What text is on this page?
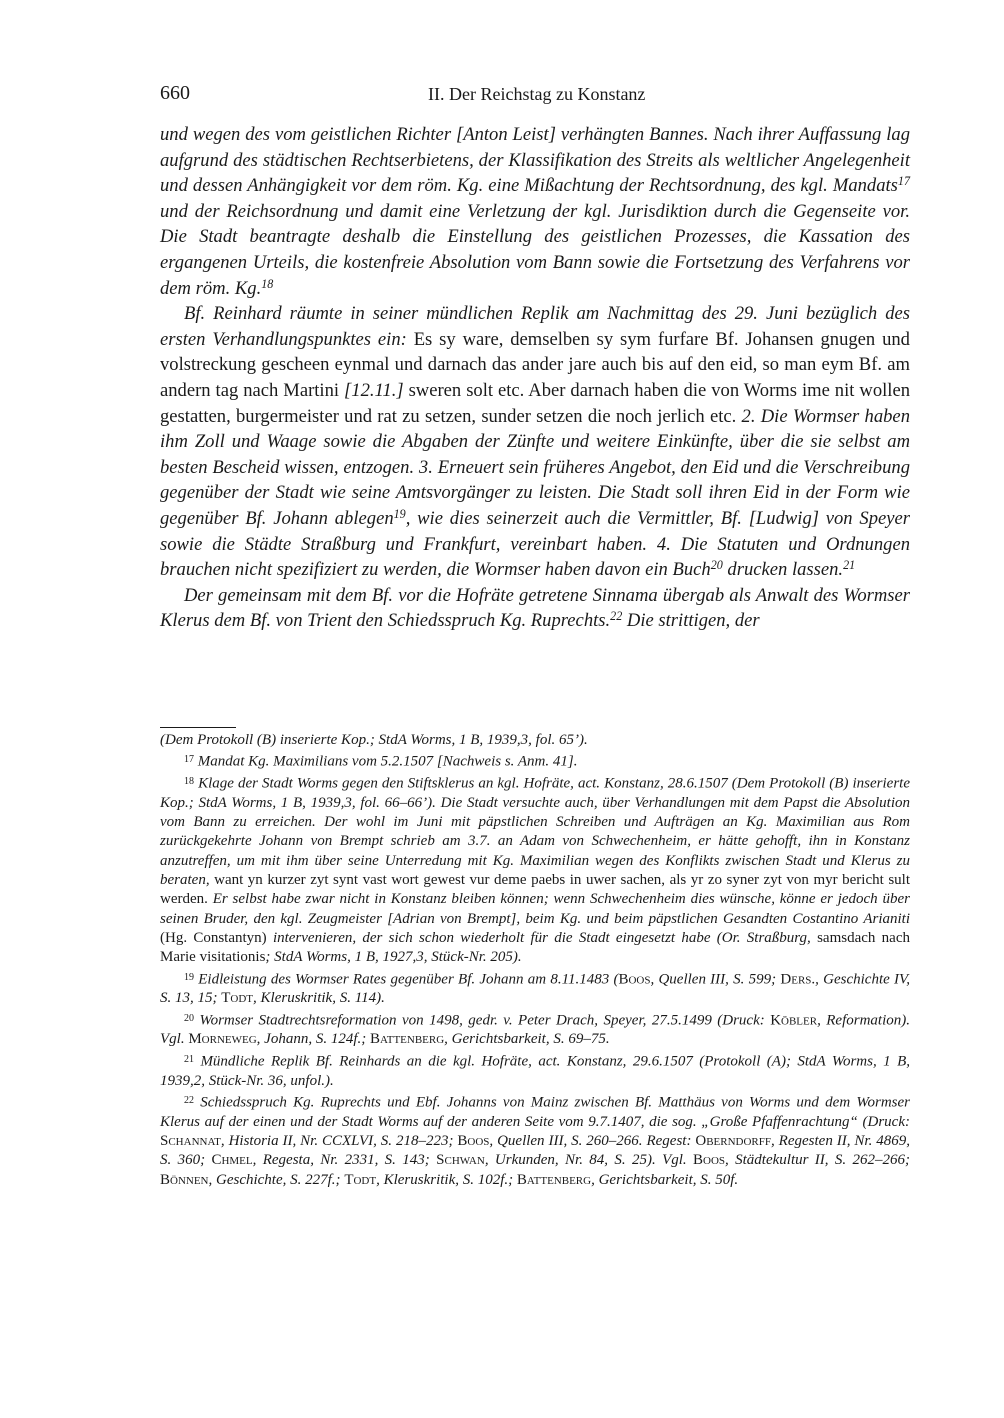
660	II. Der Reichstag zu Konstanz

und wegen des vom geistlichen Richter [Anton Leist] verhängten Bannes. Nach ihrer Auffassung lag aufgrund des städtischen Rechtserbietens, der Klassifikation des Streits als weltlicher Angelegenheit und dessen Anhängigkeit vor dem röm. Kg. eine Mißachtung der Rechtsordnung, des kgl. Mandats$^{17}$ und der Reichsordnung und damit eine Verletzung der kgl. Jurisdiktion durch die Gegenseite vor. Die Stadt beantragte deshalb die Einstellung des geistlichen Prozesses, die Kassation des ergangenen Urteils, die kostenfreie Absolution vom Bann sowie die Fortsetzung des Verfahrens vor dem röm. Kg.$^{18}$

Bf. Reinhard räumte in seiner mündlichen Replik am Nachmittag des 29. Juni bezüglich des ersten Verhandlungspunktes ein: Es sy ware, demselben sy sym furfare Bf. Johansen gnugen und volstreckung gescheen eynmal und darnach das ander jare auch bis auf den eid, so man eym Bf. am andern tag nach Martini [12.11.] sweren solt etc. Aber darnach haben die von Worms ime nit wollen gestatten, burgermeister und rat zu setzen, sunder setzen die noch jerlich etc. 2. Die Wormser haben ihm Zoll und Waage sowie die Abgaben der Zünfte und weitere Einkünfte, über die sie selbst am besten Bescheid wissen, entzogen. 3. Erneuert sein früheres Angebot, den Eid und die Verschreibung gegenüber der Stadt wie seine Amtsvorgänger zu leisten. Die Stadt soll ihren Eid in der Form wie gegenüber Bf. Johann ablegen$^{19}$, wie dies seinerzeit auch die Vermittler, Bf. [Ludwig] von Speyer sowie die Städte Straßburg und Frankfurt, vereinbart haben. 4. Die Statuten und Ordnungen brauchen nicht spezifiziert zu werden, die Wormser haben davon ein Buch$^{20}$ drucken lassen.$^{21}$

Der gemeinsam mit dem Bf. vor die Hofräte getretene Sinnama übergab als Anwalt des Wormser Klerus dem Bf. von Trient den Schiedsspruch Kg. Ruprechts.$^{22}$ Die strittigen, der

(Dem Protokoll (B) inserierte Kop.; StdA Worms, 1 B, 1939,3, fol. 65’).

$^{17}$ Mandat Kg. Maximilians vom 5.2.1507 [Nachweis s. Anm. 41].

$^{18}$ Klage der Stadt Worms gegen den Stiftsklerus an kgl. Hofräte, act. Konstanz, 28.6.1507 (Dem Protokoll (B) inserierte Kop.; StdA Worms, 1 B, 1939,3, fol. 66–66’). Die Stadt versuchte auch, über Verhandlungen mit dem Papst die Absolution vom Bann zu erreichen. Der wohl im Juni mit päpstlichen Schreiben und Aufträgen an Kg. Maximilian aus Rom zurückgekehrte Johann von Brempt schrieb am 3.7. an Adam von Schwechenheim, er hätte gehofft, ihn in Konstanz anzutreffen, um mit ihm über seine Unterredung mit Kg. Maximilian wegen des Konflikts zwischen Stadt und Klerus zu beraten, want yn kurzer zyt synt vast wort gewest vur deme paebs in uwer sachen, als yr zo syner zyt von myr bericht sult werden. Er selbst habe zwar nicht in Konstanz bleiben können; wenn Schwechenheim dies wünsche, könne er jedoch über seinen Bruder, den kgl. Zeugmeister [Adrian von Brempt], beim Kg. und beim päpstlichen Gesandten Costantino Arianiti (Hg. Constantyn) intervenieren, der sich schon wiederholt für die Stadt eingesetzt habe (Or. Straßburg, samsdach nach Marie visitationis; StdA Worms, 1 B, 1927,3, Stück-Nr. 205).

$^{19}$ Eidleistung des Wormser Rates gegenüber Bf. Johann am 8.11.1483 (Boos, Quellen III, S. 599; Ders., Geschichte IV, S. 13, 15; Todt, Kleruskritik, S. 114).

$^{20}$ Wormser Stadtrechtsreformation von 1498, gedr. v. Peter Drach, Speyer, 27.5.1499 (Druck: Köbler, Reformation). Vgl. Morneweg, Johann, S. 124f.; Battenberg, Gerichtsbarkeit, S. 69–75.

$^{21}$ Mündliche Replik Bf. Reinhards an die kgl. Hofräte, act. Konstanz, 29.6.1507 (Protokoll (A); StdA Worms, 1 B, 1939,2, Stück-Nr. 36, unfol.).

$^{22}$ Schiedsspruch Kg. Ruprechts und Ebf. Johanns von Mainz zwischen Bf. Matthäus von Worms und dem Wormser Klerus auf der einen und der Stadt Worms auf der anderen Seite vom 9.7.1407, die sog. „Große Pfaffenrachtung“ (Druck: Schannat, Historia II, Nr. CCXLVI, S. 218–223; Boos, Quellen III, S. 260–266. Regest: Oberndorff, Regesten II, Nr. 4869, S. 360; Chmel, Regesta, Nr. 2331, S. 143; Schwan, Urkunden, Nr. 84, S. 25). Vgl. Boos, Städtekultur II, S. 262–266; Bönnen, Geschichte, S. 227f.; Todt, Kleruskritik, S. 102f.; Battenberg, Gerichtsbarkeit, S. 50f.
